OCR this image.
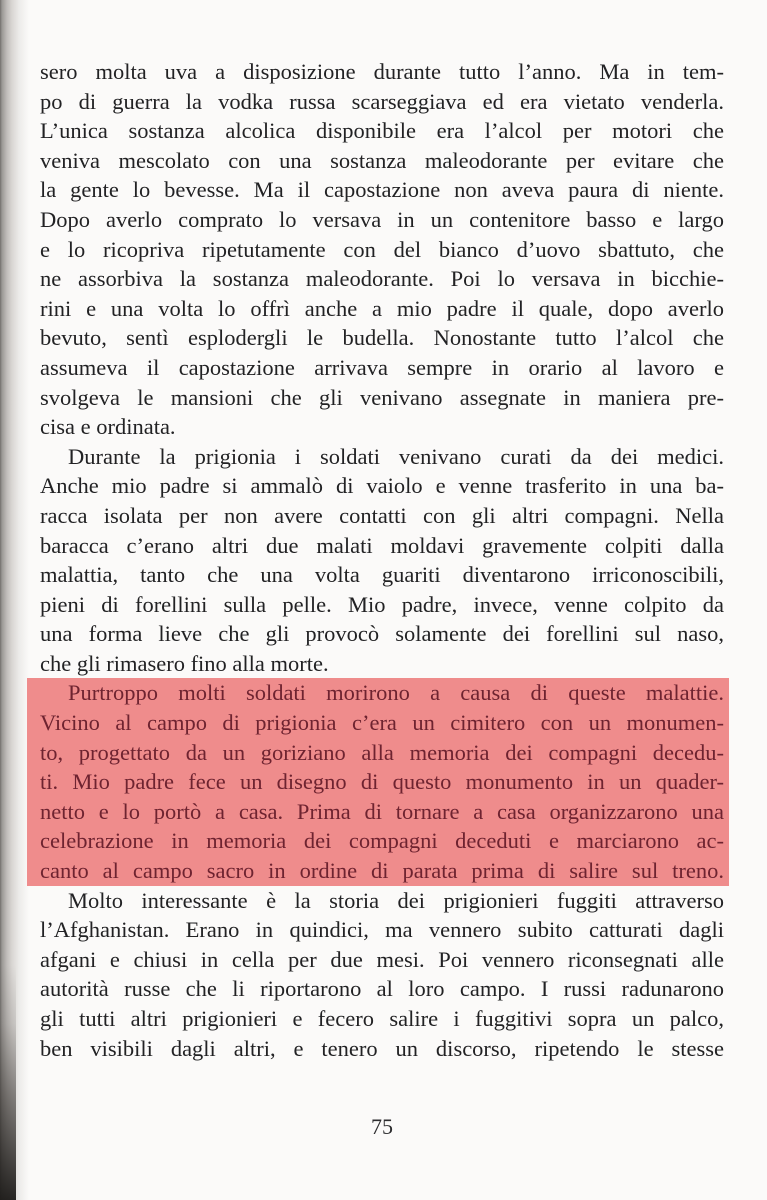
sero molta uva a disposizione durante tutto l’anno. Ma in tem-
po di guerra la vodka russa scarseggiava ed era vietato venderla.
L’unica sostanza alcolica disponibile era l’alcol per motori che
veniva mescolato con una sostanza maleodorante per evitare che
la gente lo bevesse. Ma il capostazione non aveva paura di niente.
Dopo averlo comprato lo versava in un contenitore basso e largo
e lo ricopriva ripetutamente con del bianco d’uovo sbattuto, che
ne assorbiva la sostanza maleodorante. Poi lo versava in bicchie-
rini e una volta lo offrì anche a mio padre il quale, dopo averlo
bevuto, sentì esplodergli le budella. Nonostante tutto l’alcol che
assumeva il capostazione arrivava sempre in orario al lavoro e
svolgeva le mansioni che gli venivano assegnate in maniera pre-
cisa e ordinata.
Durante la prigionia i soldati venivano curati da dei medici.
Anche mio padre si ammalò di vaiolo e venne trasferito in una ba-
racca isolata per non avere contatti con gli altri compagni. Nella
baracca c’erano altri due malati moldavi gravemente colpiti dalla
malattia, tanto che una volta guariti diventarono irriconoscibili,
pieni di forellini sulla pelle. Mio padre, invece, venne colpito da
una forma lieve che gli provocò solamente dei forellini sul naso,
che gli rimasero fino alla morte.
Purtroppo molti soldati morirono a causa di queste malattie.
Vicino al campo di prigionia c’era un cimitero con un monumen-
to, progettato da un goriziano alla memoria dei compagni decedu-
ti. Mio padre fece un disegno di questo monumento in un quader-
netto e lo portò a casa. Prima di tornare a casa organizzarono una
celebrazione in memoria dei compagni deceduti e marciarono ac-
canto al campo sacro in ordine di parata prima di salire sul treno.
Molto interessante è la storia dei prigionieri fuggiti attraverso
l’Afghanistan. Erano in quindici, ma vennero subito catturati dagli
afgani e chiusi in cella per due mesi. Poi vennero riconsegnati alle
autorità russe che li riportarono al loro campo. I russi radunarono
gli tutti altri prigionieri e fecero salire i fuggitivi sopra un palco,
ben visibili dagli altri, e tenero un discorso, ripetendo le stesse
75
